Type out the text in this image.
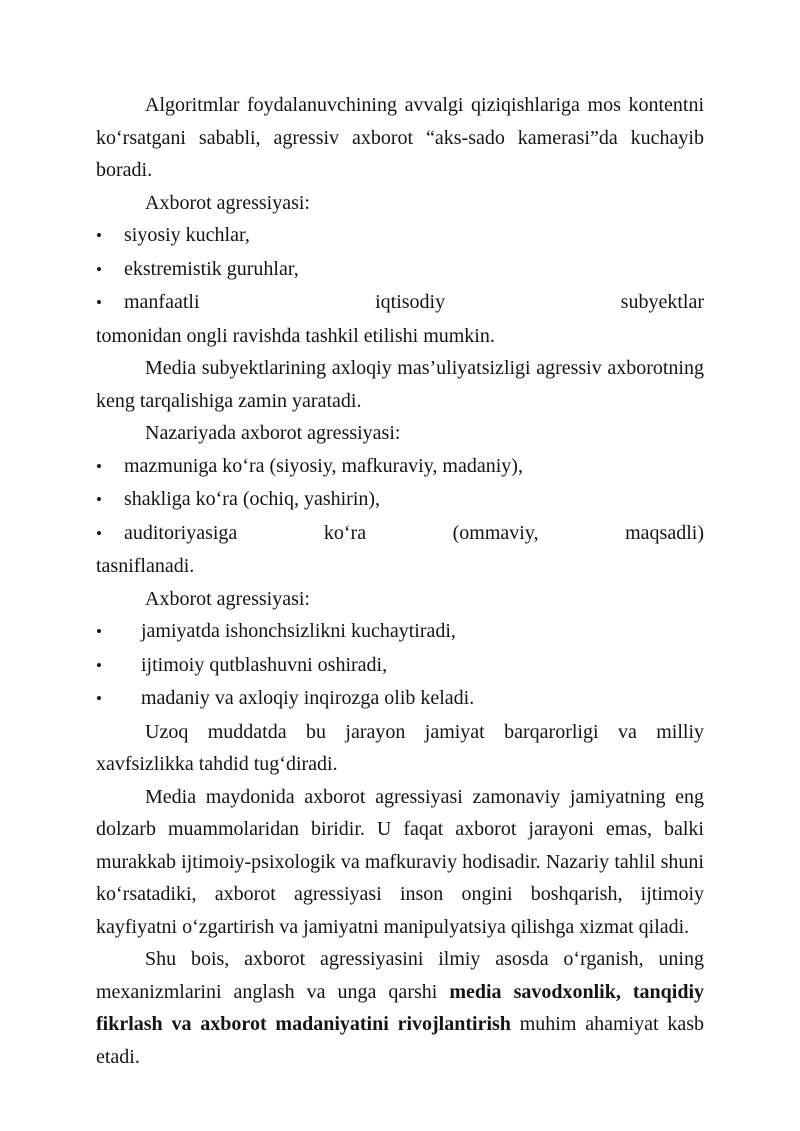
Algoritmlar foydalanuvchining avvalgi qiziqishlariga mos kontentni ko‘rsatgani sababli, agressiv axborot “aks-sado kamerasi”da kuchayib boradi.

Axborot agressiyasi:

• siyosiy kuchlar,

• ekstremistik guruhlar,

• manfaatli	iqtisodiy	subyektlar

tomonidan ongli ravishda tashkil etilishi mumkin.

Media subyektlarining axloqiy mas’uliyatsizligi agressiv axborotning keng tarqalishiga zamin yaratadi.

Nazariyada axborot agressiyasi:

• mazmuniga ko‘ra (siyosiy, mafkuraviy, madaniy),

• shakliga ko‘ra (ochiq, yashirin),

• auditoriyasiga	ko‘ra	(ommaviy,	maqsadli)

tasniflanadi.

Axborot agressiyasi:

• jamiyatda ishonchsizlikni kuchaytiradi,

• ijtimoiy qutblashuvni oshiradi,

• madaniy va axloqiy inqirozga olib keladi.

Uzoq muddatda bu jarayon jamiyat barqarorligi va milliy xavfsizlikka tahdid tug‘diradi.

Media maydonida axborot agressiyasi zamonaviy jamiyatning eng dolzarb muammolaridan biridir. U faqat axborot jarayoni emas, balki murakkab ijtimoiy-psixologik va mafkuraviy hodisadir. Nazariy tahlil shuni ko‘rsatadiki, axborot agressiyasi inson ongini boshqarish, ijtimoiy kayfiyatni o‘zgartirish va jamiyatni manipulyatsiya qilishga xizmat qiladi.

Shu bois, axborot agressiyasini ilmiy asosda o‘rganish, uning mexanizmlarini anglash va unga qarshi media savodxonlik, tanqidiy fikrlash va axborot madaniyatini rivojlantirish muhim ahamiyat kasb etadi.
